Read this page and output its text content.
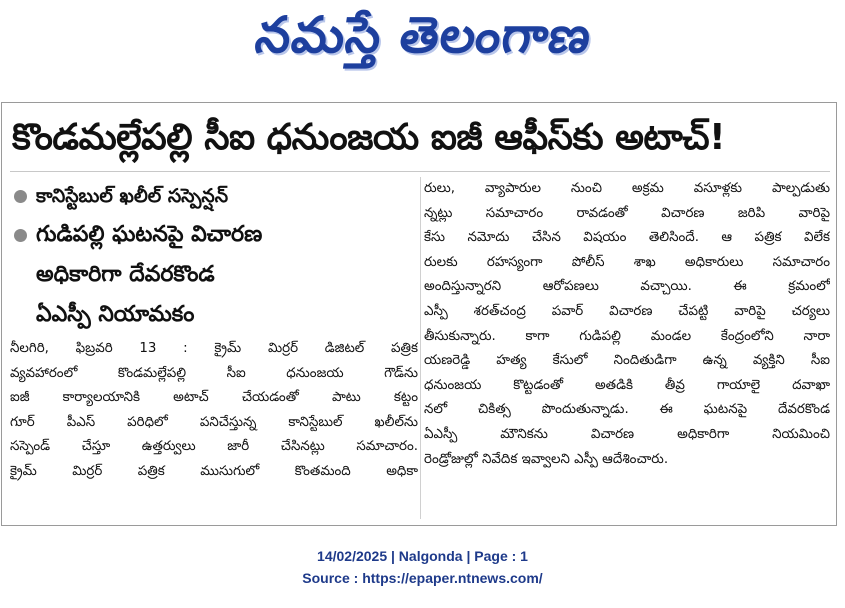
నమస్తే తెలంగాణ
కొండమల్లేపల్లి సీఐ ధనుంజయ ఐజీ ఆఫీస్‌కు అటాచ్!
కానిస్టేబుల్ ఖలీల్ సస్పెన్షన్
గుడిపల్లి ఘటనపై విచారణ
అధికారిగా దేవరకొండ
ఏఎస్పీ నియామకం
నీలగిరి, ఫిబ్రవరి 13 : క్రైమ్ మిర్రర్ డిజిటల్ పత్రిక
వ్యవహారంలో కొండమల్లేపల్లి సీఐ ధనుంజయ గౌడ్‌ను
ఐజీ కార్యాలయానికి అటాచ్ చేయడంతో పాటు కట్టం
గూర్ పీఎస్ పరిధిలో పనిచేస్తున్న కానిస్టేబుల్ ఖలీల్‌ను
సస్పెండ్ చేస్తూ ఉత్తర్వులు జారీ చేసినట్లు సమాచారం.
క్రైమ్ మిర్రర్ పత్రిక ముసుగులో కొంతమంది అధికా
రులు, వ్యాపారుల నుంచి అక్రమ వసూళ్లకు పాల్పడుతు
న్నట్లు సమాచారం రావడంతో విచారణ జరిపి వారిపై
కేసు నమోదు చేసిన విషయం తెలిసిందే. ఆ పత్రిక విలేక
రులకు రహస్యంగా పోలీస్ శాఖ అధికారులు సమాచారం
అందిస్తున్నారని ఆరోపణలు వచ్చాయి. ఈ క్రమంలో
ఎస్పీ శరత్‌చంద్ర పవార్ విచారణ చేపట్టి వారిపై చర్యలు
తీసుకున్నారు. కాగా గుడిపల్లి మండల కేంద్రంలోని నారా
యణరెడ్డి హత్య కేసులో నిందితుడిగా ఉన్న వ్యక్తిని సీఐ
ధనుంజయ కొట్టడంతో అతడికి తీవ్ర గాయాలై దవాఖా
నలో చికిత్స పొందుతున్నాడు. ఈ ఘటనపై దేవరకొండ
ఏఎస్పీ మౌనికను విచారణ అధికారిగా నియమించి
రెండ్రోజుల్లో నివేదిక ఇవ్వాలని ఎస్పీ ఆదేశించారు.
14/02/2025 | Nalgonda | Page : 1
Source : https://epaper.ntnews.com/
